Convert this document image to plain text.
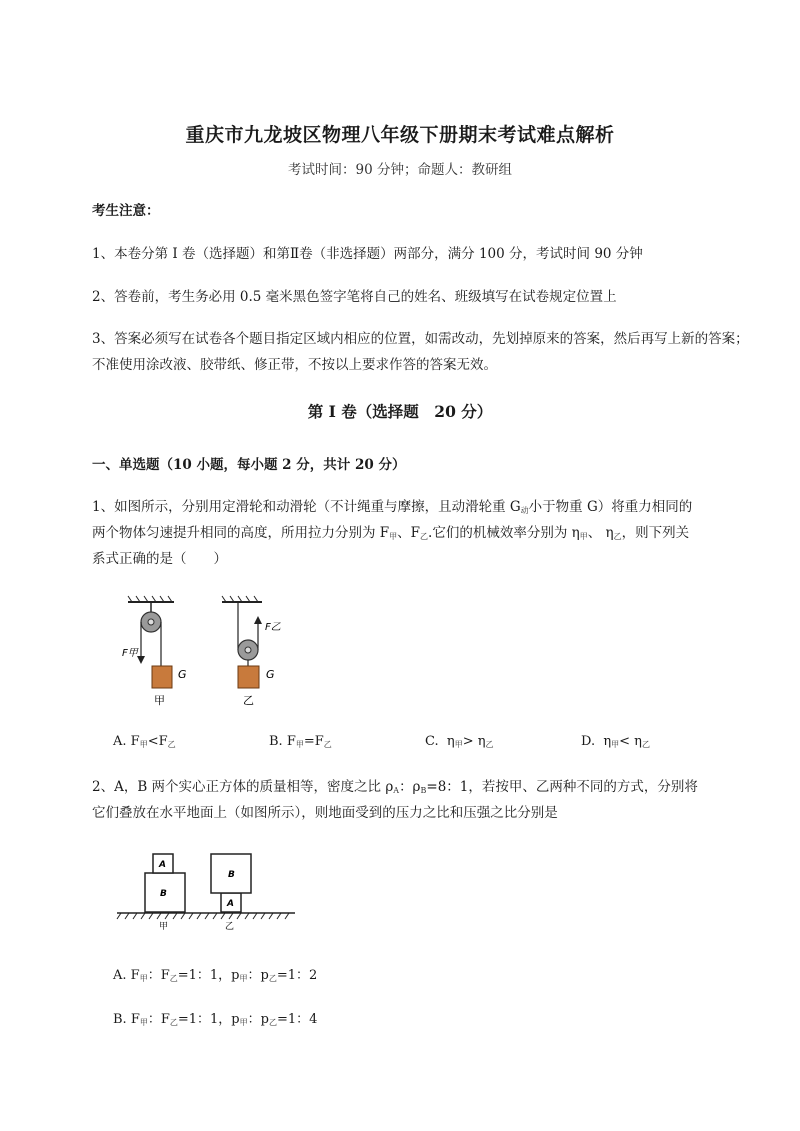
重庆市九龙坡区物理八年级下册期末考试难点解析
考试时间：90 分钟；命题人：教研组
考生注意：
1、本卷分第 I 卷（选择题）和第Ⅱ卷（非选择题）两部分，满分 100 分，考试时间 90 分钟
2、答卷前，考生务必用 0.5 毫米黑色签字笔将自己的姓名、班级填写在试卷规定位置上
3、答案必须写在试卷各个题目指定区域内相应的位置，如需改动，先划掉原来的答案，然后再写上新的答案；不准使用涂改液、胶带纸、修正带，不按以上要求作答的答案无效。
第 I 卷（选择题　20 分）
一、单选题（10 小题，每小题 2 分，共计 20 分）
1、如图所示，分别用定滑轮和动滑轮（不计绳重与摩擦，且动滑轮重 $G_动$小于物重 G）将重力相同的
两个物体匀速提升相同的高度，所用拉力分别为 $F_甲$、$F_乙$.它们的机械效率分别为 $\eta_甲$、 $\eta_乙$，则下列关
系式正确的是（　　）
F甲
G
甲
F乙
G
乙
A. $F_甲<F_乙$	B. $F_甲=F_乙$	C. $\eta_甲> \eta_乙$	D. $\eta_甲< \eta_乙$
2、A，B 两个实心正方体的质量相等，密度之比 $\rho_A$：$\rho_B=8$：1，若按甲、乙两种不同的方式，分别将
它们叠放在水平地面上（如图所示），则地面受到的压力之比和压强之比分别是
A
B
甲
A
B
乙
A. $F_甲$：$F_乙=1$：1，$p_甲$：$p_乙=1$：2
B. $F_甲$：$F_乙=1$：1，$p_甲$：$p_乙=1$：4
